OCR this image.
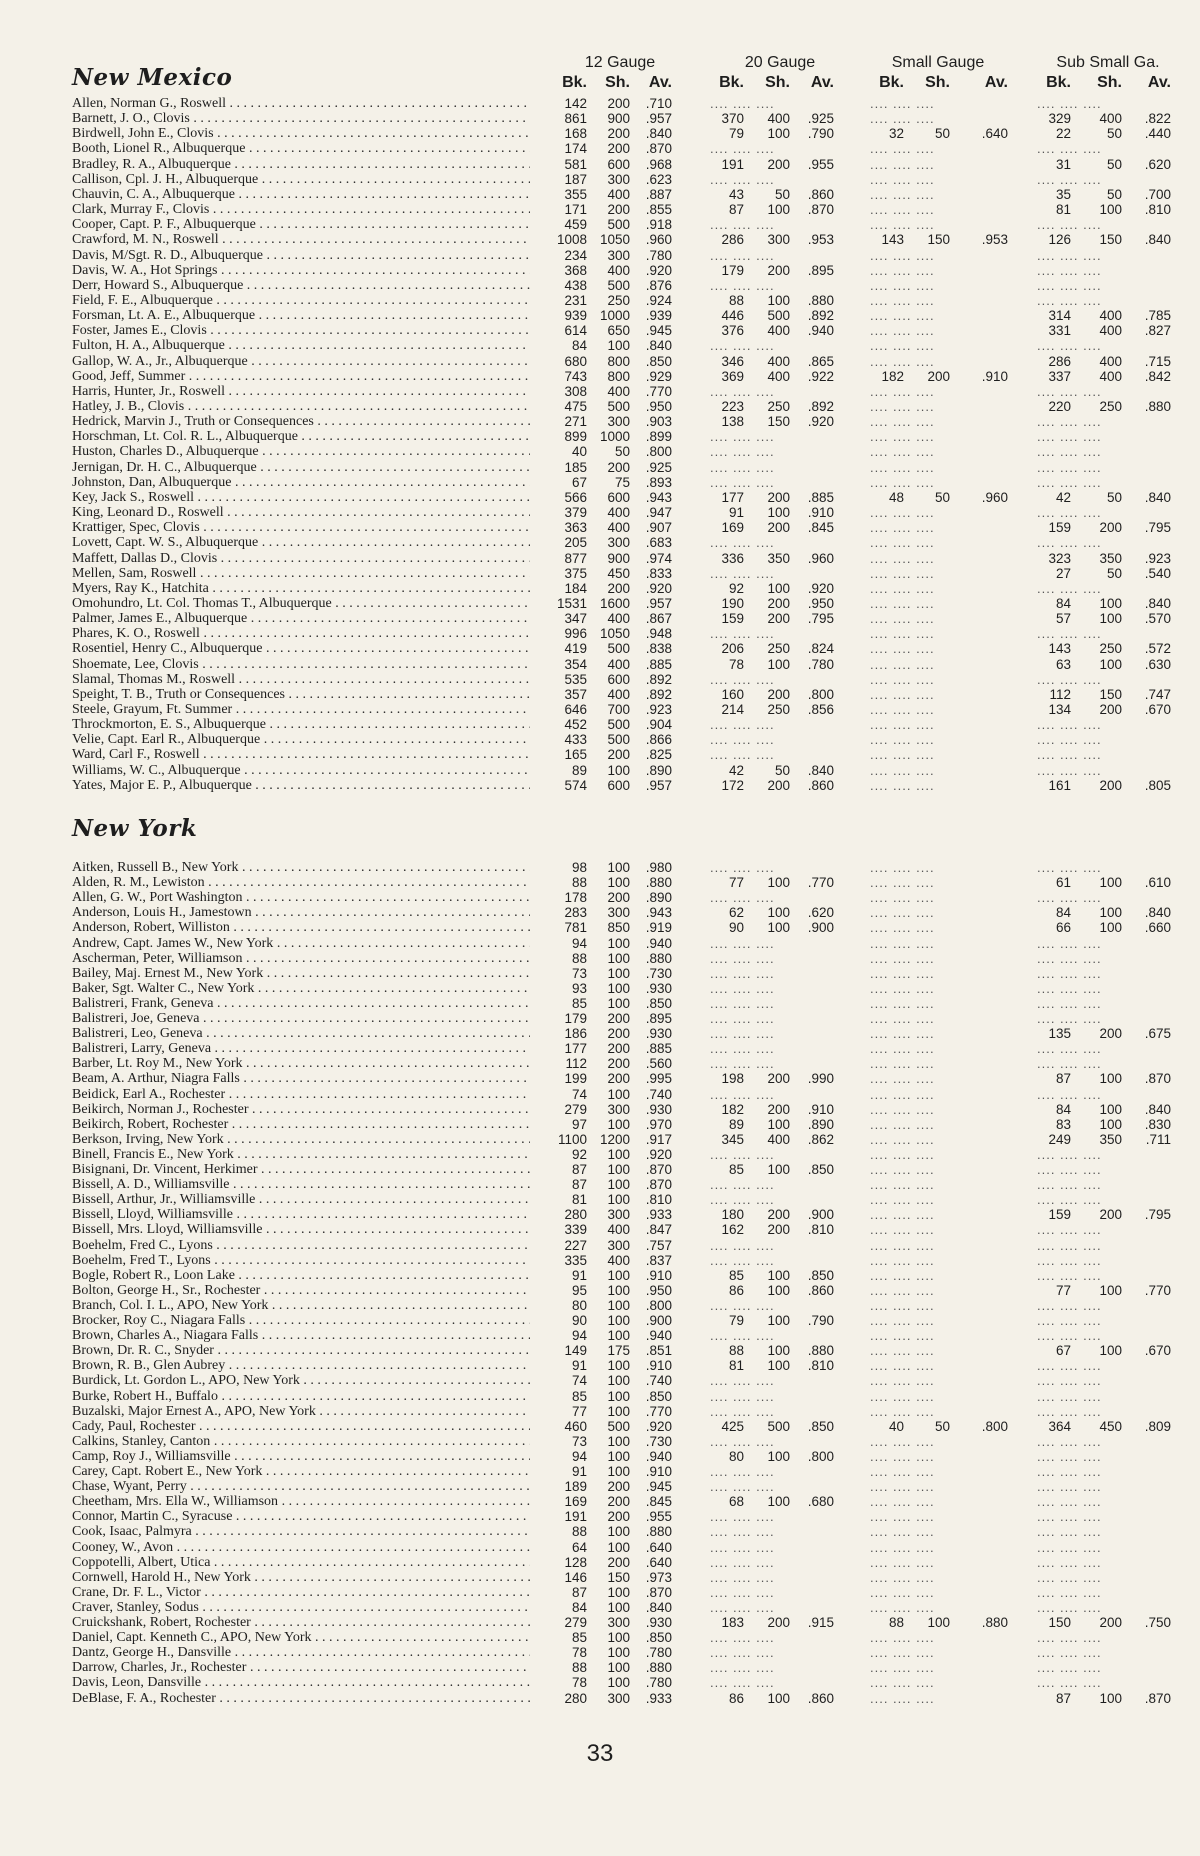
12 Gauge	20 Gauge	Small Gauge	Sub Small Ga.
Bk.	Sh.	Av.	Bk.	Sh.	Av.	Bk.	Sh.	Av.	Bk.	Sh.	Av.
New Mexico
Allen, Norman G., Roswell . . .	142	200	.710	.... .... ....	.... .... ....	.... .... ....
Barnett, J. O., Clovis . . .	861	900	.957	370	400	.925	.... .... ....	329	400	.822
Birdwell, John E., Clovis . . .	168	200	.840	79	100	.790	32	50	.640	22	50	.440
Booth, Lionel R., Albuquerque . . .	174	200	.870	.... .... ....	.... .... ....	.... .... ....
Bradley, R. A., Albuquerque . . .	581	600	.968	191	200	.955	.... .... ....	31	50	.620
Callison, Cpl. J. H., Albuquerque . . .	187	300	.623	.... .... ....	.... .... ....	.... .... ....
Chauvin, C. A., Albuquerque . . .	355	400	.887	43	50	.860	.... .... ....	35	50	.700
Clark, Murray F., Clovis . . .	171	200	.855	87	100	.870	.... .... ....	81	100	.810
Cooper, Capt. P. F., Albuquerque . . .	459	500	.918	.... .... ....	.... .... ....	.... .... ....
Crawford, M. N., Roswell . . .	1008 1050	.960	286	300	.953	143	150	.953	126	150	.840
Davis, M/Sgt. R. D., Albuquerque . . .	234	300	.780	.... .... ....	.... .... ....	.... .... ....
Davis, W. A., Hot Springs . . .	368	400	.920	179	200	.895	.... .... ....	.... .... ....
Derr, Howard S., Albuquerque . . .	438	500	.876	.... .... ....	.... .... ....	.... .... ....
Field, F. E., Albuquerque . . .	231	250	.924	88	100	.880	.... .... ....	.... .... ....
Forsman, Lt. A. E., Albuquerque . . .	939 1000	.939	446	500	.892	.... .... ....	314	400	.785
Foster, James E., Clovis . . .	614	650	.945	376	400	.940	.... .... ....	331	400	.827
Fulton, H. A., Albuquerque . . .	84	100	.840	.... .... ....	.... .... ....	.... .... ....
Gallop, W. A., Jr., Albuquerque . . .	680	800	.850	346	400	.865	.... .... ....	286	400	.715
Good, Jeff, Summer . . .	743	800	.929	369	400	.922	182	200	.910	337	400	.842
Harris, Hunter, Jr., Roswell . . .	308	400	.770	.... .... ....	.... .... ....	.... .... ....
Hatley, J. B., Clovis . . .	475	500	.950	223	250	.892	.... .... ....	220	250	.880
Hedrick, Marvin J., Truth or Consequences . . .	271	300	.903	138	150	.920	.... .... ....	.... .... ....
Horschman, Lt. Col. R. L., Albuquerque . . .	899 1000	.899	.... .... ....	.... .... ....	.... .... ....
Huston, Charles D., Albuquerque . . .	40	50	.800	.... .... ....	.... .... ....	.... .... ....
Jernigan, Dr. H. C., Albuquerque . . .	185	200	.925	.... .... ....	.... .... ....	.... .... ....
Johnston, Dan, Albuquerque . . .	67	75	.893	.... .... ....	.... .... ....	.... .... ....
Key, Jack S., Roswell . . .	566	600	.943	177	200	.885	48	50	.960	42	50	.840
King, Leonard D., Roswell . . .	379	400	.947	91	100	.910	.... .... ....	.... .... ....
Krattiger, Spec, Clovis . . .	363	400	.907	169	200	.845	.... .... ....	159	200	.795
Lovett, Capt. W. S., Albuquerque . . .	205	300	.683	.... .... ....	.... .... ....	.... .... ....
Maffett, Dallas D., Clovis . . .	877	900	.974	336	350	.960	.... .... ....	323	350	.923
Mellen, Sam, Roswell . . .	375	450	.833	.... .... ....	.... .... ....	27	50	.540
Myers, Ray K., Hatchita . . .	184	200	.920	92	100	.920	.... .... ....	.... .... ....
Omohundro, Lt. Col. Thomas T., Albuquerque . . .	1531 1600	.957	190	200	.950	.... .... ....	84	100	.840
Palmer, James E., Albuquerque . . .	347	400	.867	159	200	.795	.... .... ....	57	100	.570
Phares, K. O., Roswell . . .	996 1050	.948	.... .... ....	.... .... ....	.... .... ....
Rosentiel, Henry C., Albuquerque . . .	419	500	.838	206	250	.824	.... .... ....	143	250	.572
Shoemate, Lee, Clovis . . .	354	400	.885	78	100	.780	.... .... ....	63	100	.630
Slamal, Thomas M., Roswell . . .	535	600	.892	.... .... ....	.... .... ....	.... .... ....
Speight, T. B., Truth or Consequences . . .	357	400	.892	160	200	.800	.... .... ....	112	150	.747
Steele, Grayum, Ft. Summer . . .	646	700	.923	214	250	.856	.... .... ....	134	200	.670
Throckmorton, E. S., Albuquerque . . .	452	500	.904	.... .... ....	.... .... ....	.... .... ....
Velie, Capt. Earl R., Albuquerque . . .	433	500	.866	.... .... ....	.... .... ....	.... .... ....
Ward, Carl F., Roswell . . .	165	200	.825	.... .... ....	.... .... ....	.... .... ....
Williams, W. C., Albuquerque . . .	89	100	.890	42	50	.840	.... .... ....	.... .... ....
Yates, Major E. P., Albuquerque . . .	574	600	.957	172	200	.860	.... .... ....	161	200	.805
New York
Aitken, Russell B., New York . . .	98	100	.980	.... .... ....	.... .... ....	.... .... ....
Alden, R. M., Lewiston . . .	88	100	.880	77	100	.770	.... .... ....	61	100	.610
Allen, G. W., Port Washington . . .	178	200	.890	.... .... ....	.... .... ....	.... .... ....
Anderson, Louis H., Jamestown . . .	283	300	.943	62	100	.620	.... .... ....	84	100	.840
Anderson, Robert, Williston . . .	781	850	.919	90	100	.900	.... .... ....	66	100	.660
Andrew, Capt. James W., New York . . .	94	100	.940	.... .... ....	.... .... ....	.... .... ....
Ascherman, Peter, Williamson . . .	88	100	.880	.... .... ....	.... .... ....	.... .... ....
Bailey, Maj. Ernest M., New York . . .	73	100	.730	.... .... ....	.... .... ....	.... .... ....
Baker, Sgt. Walter C., New York . . .	93	100	.930	.... .... ....	.... .... ....	.... .... ....
Balistreri, Frank, Geneva . . .	85	100	.850	.... .... ....	.... .... ....	.... .... ....
Balistreri, Joe, Geneva . . .	179	200	.895	.... .... ....	.... .... ....	.... .... ....
Balistreri, Leo, Geneva . . .	186	200	.930	.... .... ....	.... .... ....	135	200	.675
Balistreri, Larry, Geneva . . .	177	200	.885	.... .... ....	.... .... ....	.... .... ....
Barber, Lt. Roy M., New York . . .	112	200	.560	.... .... ....	.... .... ....	.... .... ....
Beam, A. Arthur, Niagra Falls . . .	199	200	.995	198	200	.990	.... .... ....	87	100	.870
Beidick, Earl A., Rochester . . .	74	100	.740	.... .... ....	.... .... ....	.... .... ....
Beikirch, Norman J., Rochester . . .	279	300	.930	182	200	.910	.... .... ....	84	100	.840
Beikirch, Robert, Rochester . . .	97	100	.970	89	100	.890	.... .... ....	83	100	.830
Berkson, Irving, New York . . .	1100 1200	.917	345	400	.862	.... .... ....	249	350	.711
Binell, Francis E., New York . . .	92	100	.920	.... .... ....	.... .... ....	.... .... ....
Bisignani, Dr. Vincent, Herkimer . . .	87	100	.870	85	100	.850	.... .... ....	.... .... ....
Bissell, A. D., Williamsville . . .	87	100	.870	.... .... ....	.... .... ....	.... .... ....
Bissell, Arthur, Jr., Williamsville . . .	81	100	.810	.... .... ....	.... .... ....	.... .... ....
Bissell, Lloyd, Williamsville . . .	280	300	.933	180	200	.900	.... .... ....	159	200	.795
Bissell, Mrs. Lloyd, Williamsville . . .	339	400	.847	162	200	.810	.... .... ....	.... .... ....
Boehelm, Fred C., Lyons . . .	227	300	.757	.... .... ....	.... .... ....	.... .... ....
Boehelm, Fred T., Lyons . . .	335	400	.837	.... .... ....	.... .... ....	.... .... ....
Bogle, Robert R., Loon Lake . . .	91	100	.910	85	100	.850	.... .... ....	.... .... ....
Bolton, George H., Sr., Rochester . . .	95	100	.950	86	100	.860	.... .... ....	77	100	.770
Branch, Col. I. L., APO, New York . . .	80	100	.800	.... .... ....	.... .... ....	.... .... ....
Brocker, Roy C., Niagara Falls . . .	90	100	.900	79	100	.790	.... .... ....	.... .... ....
Brown, Charles A., Niagara Falls . . .	94	100	.940	.... .... ....	.... .... ....	.... .... ....
Brown, Dr. R. C., Snyder . . .	149	175	.851	88	100	.880	.... .... ....	67	100	.670
Brown, R. B., Glen Aubrey . . .	91	100	.910	81	100	.810	.... .... ....	.... .... ....
Burdick, Lt. Gordon L., APO, New York . . .	74	100	.740	.... .... ....	.... .... ....	.... .... ....
Burke, Robert H., Buffalo . . .	85	100	.850	.... .... ....	.... .... ....	.... .... ....
Buzalski, Major Ernest A., APO, New York . . .	77	100	.770	.... .... ....	.... .... ....	.... .... ....
Cady, Paul, Rochester . . .	460	500	.920	425	500	.850	40	50	.800	364	450	.809
Calkins, Stanley, Canton . . .	73	100	.730	.... .... ....	.... .... ....	.... .... ....
Camp, Roy J., Williamsville . . .	94	100	.940	80	100	.800	.... .... ....	.... .... ....
Carey, Capt. Robert E., New York . . .	91	100	.910	.... .... ....	.... .... ....	.... .... ....
Chase, Wyant, Perry . . .	189	200	.945	.... .... ....	.... .... ....	.... .... ....
Cheetham, Mrs. Ella W., Williamson . . .	169	200	.845	68	100	.680	.... .... ....	.... .... ....
Connor, Martin C., Syracuse . . .	191	200	.955	.... .... ....	.... .... ....	.... .... ....
Cook, Isaac, Palmyra . . .	88	100	.880	.... .... ....	.... .... ....	.... .... ....
Cooney, W., Avon . . .	64	100	.640	.... .... ....	.... .... ....	.... .... ....
Coppotelli, Albert, Utica . . .	128	200	.640	.... .... ....	.... .... ....	.... .... ....
Cornwell, Harold H., New York . . .	146	150	.973	.... .... ....	.... .... ....	.... .... ....
Crane, Dr. F. L., Victor . . .	87	100	.870	.... .... ....	.... .... ....	.... .... ....
Craver, Stanley, Sodus . . .	84	100	.840	.... .... ....	.... .... ....	.... .... ....
Cruickshank, Robert, Rochester . . .	279	300	.930	183	200	.915	88	100	.880	150	200	.750
Daniel, Capt. Kenneth C., APO, New York . . .	85	100	.850	.... .... ....	.... .... ....	.... .... ....
Dantz, George H., Dansville . . .	78	100	.780	.... .... ....	.... .... ....	.... .... ....
Darrow, Charles, Jr., Rochester . . .	88	100	.880	.... .... ....	.... .... ....	.... .... ....
Davis, Leon, Dansville . . .	78	100	.780	.... .... ....	.... .... ....	.... .... ....
DeBlase, F. A., Rochester . . .	280	300	.933	86	100	.860	.... .... ....	87	100	.870
33
